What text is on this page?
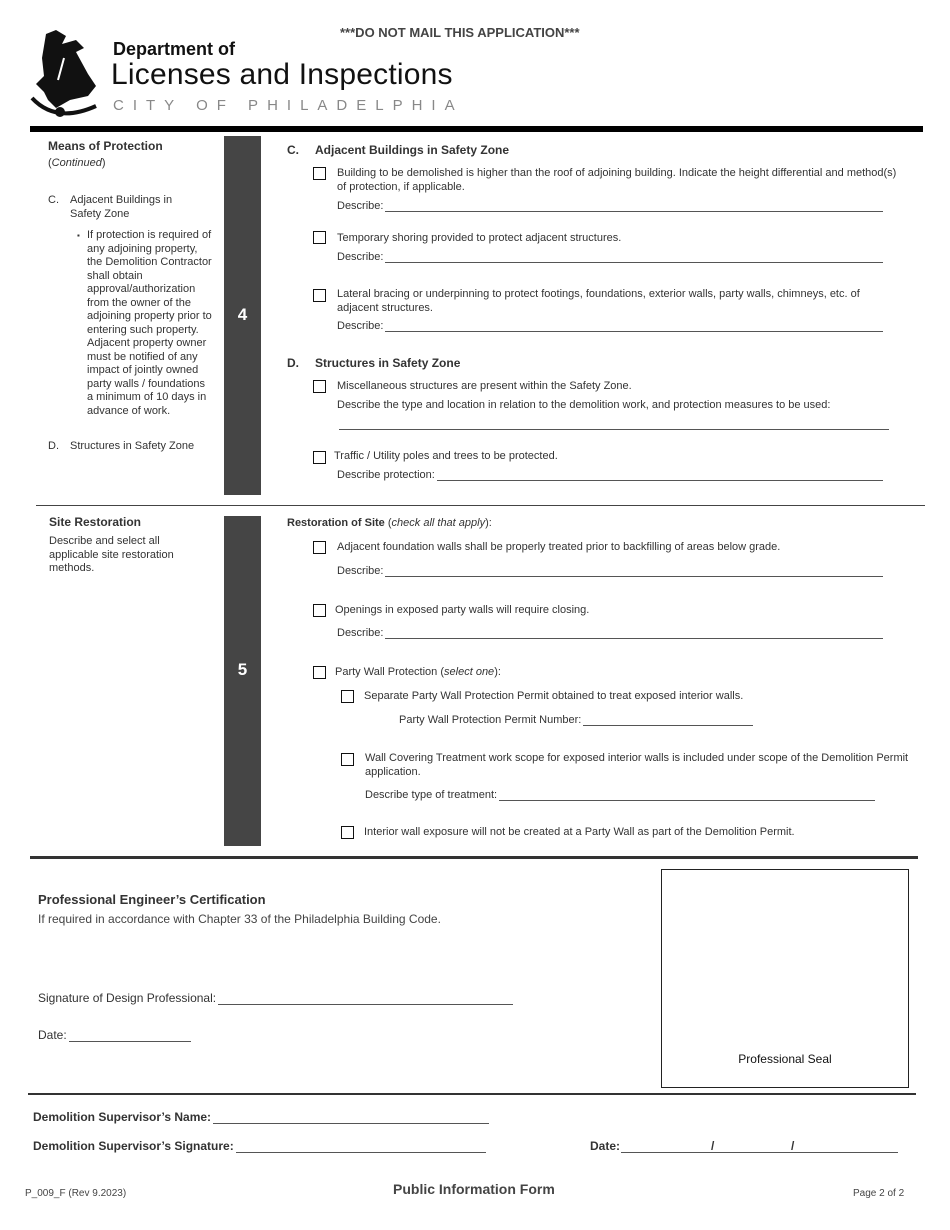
***DO NOT MAIL THIS APPLICATION***
Department of
Licenses and Inspections
CITY OF PHILADELPHIA
Means of Protection
(Continued)
C. Adjacent Buildings in Safety Zone
▪ If protection is required of any adjoining property, the Demolition Contractor shall obtain approval/authorization from the owner of the adjoining property prior to entering such property. Adjacent property owner must be notified of any impact of jointly owned party walls / foundations a minimum of 10 days in advance of work.
D. Structures in Safety Zone
4
C. Adjacent Buildings in Safety Zone
Building to be demolished is higher than the roof of adjoining building. Indicate the height differential and method(s) of protection, if applicable.
Describe:
Temporary shoring provided to protect adjacent structures.
Describe:
Lateral bracing or underpinning to protect footings, foundations, exterior walls, party walls, chimneys, etc. of adjacent structures.
Describe:
D. Structures in Safety Zone
Miscellaneous structures are present within the Safety Zone.
Describe the type and location in relation to the demolition work, and protection measures to be used:
Traffic / Utility poles and trees to be protected.
Describe protection:
Site Restoration
Describe and select all applicable site restoration methods.
5
Restoration of Site (check all that apply):
Adjacent foundation walls shall be properly treated prior to backfilling of areas below grade.
Describe:
Openings in exposed party walls will require closing.
Describe:
Party Wall Protection (select one):
Separate Party Wall Protection Permit obtained to treat exposed interior walls.
Party Wall Protection Permit Number:
Wall Covering Treatment work scope for exposed interior walls is included under scope of the Demolition Permit application.
Describe type of treatment:
Interior wall exposure will not be created at a Party Wall as part of the Demolition Permit.
Professional Engineer’s Certification
If required in accordance with Chapter 33 of the Philadelphia Building Code.
Signature of Design Professional:
Date:
Professional Seal
Demolition Supervisor’s Name:
Demolition Supervisor’s Signature:	Date:	/	/
P_009_F (Rev 9.2023)	Public Information Form	Page 2 of 2
